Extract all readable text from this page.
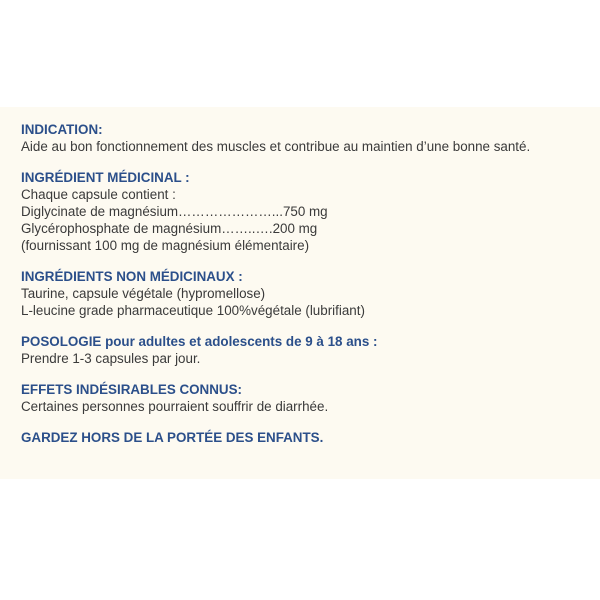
INDICATION:

Aide au bon fonctionnement des muscles et contribue au maintien d’une bonne santé.

INGRÉDIENT MÉDICINAL :

Chaque capsule contient :

Diglycinate de magnésium…………………...750 mg

Glycérophosphate de magnésium……..….200 mg

(fournissant 100 mg de magnésium élémentaire)

INGRÉDIENTS NON MÉDICINAUX :

Taurine, capsule végétale (hypromellose)

L-leucine grade pharmaceutique 100%végétale (lubrifiant)

POSOLOGIE pour adultes et adolescents de 9 à 18 ans :

Prendre 1-3 capsules par jour.

EFFETS INDÉSIRABLES CONNUS:

Certaines personnes pourraient souffrir de diarrhée.

GARDEZ HORS DE LA PORTÉE DES ENFANTS.
